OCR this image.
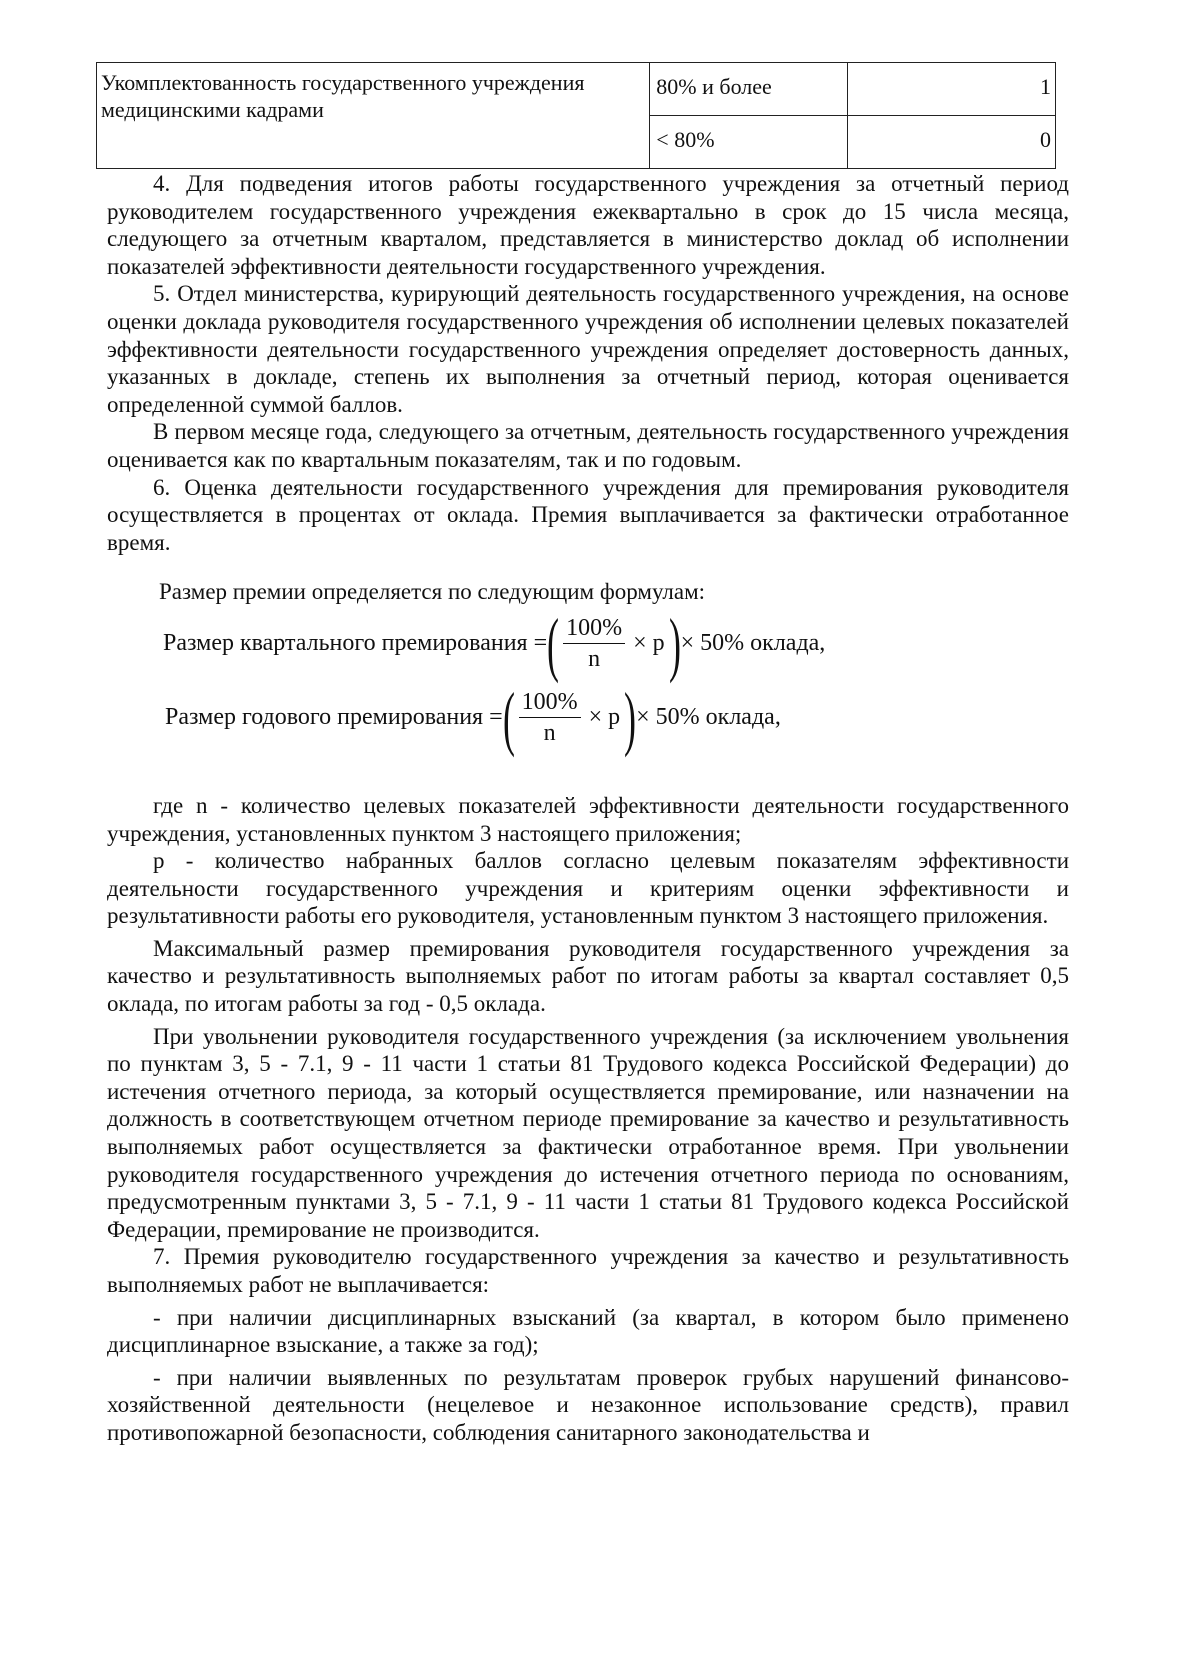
Укомплектованность государственного учреждения медицинскими кадрами	80% и более	1
	< 80%	0

4. Для подведения итогов работы государственного учреждения за отчетный период руководителем государственного учреждения ежеквартально в срок до 15 числа месяца, следующего за отчетным кварталом, представляется в министерство доклад об исполнении показателей эффективности деятельности государственного учреждения.

5. Отдел министерства, курирующий деятельность государственного учреждения, на основе оценки доклада руководителя государственного учреждения об исполнении целевых показателей эффективности деятельности государственного учреждения определяет достоверность данных, указанных в докладе, степень их выполнения за отчетный период, которая оценивается определенной суммой баллов.

В первом месяце года, следующего за отчетным, деятельность государственного учреждения оценивается как по квартальным показателям, так и по годовым.

6. Оценка деятельности государственного учреждения для премирования руководителя осуществляется в процентах от оклада. Премия выплачивается за фактически отработанное время.

Размер премии определяется по следующим формулам:

Размер квартального премирования = ( $\frac{100\%}{n} \times p$ ) × 50% оклада,
Размер годового премирования = ( $\frac{100\%}{n} \times p$ ) × 50% оклада,

где n - количество целевых показателей эффективности деятельности государственного учреждения, установленных пунктом 3 настоящего приложения;

p - количество набранных баллов согласно целевым показателям эффективности деятельности государственного учреждения и критериям оценки эффективности и результативности работы его руководителя, установленным пунктом 3 настоящего приложения.

Максимальный размер премирования руководителя государственного учреждения за качество и результативность выполняемых работ по итогам работы за квартал составляет 0,5 оклада, по итогам работы за год - 0,5 оклада.

При увольнении руководителя государственного учреждения (за исключением увольнения по пунктам 3, 5 - 7.1, 9 - 11 части 1 статьи 81 Трудового кодекса Российской Федерации) до истечения отчетного периода, за который осуществляется премирование, или назначении на должность в соответствующем отчетном периоде премирование за качество и результативность выполняемых работ осуществляется за фактически отработанное время. При увольнении руководителя государственного учреждения до истечения отчетного периода по основаниям, предусмотренным пунктами 3, 5 - 7.1, 9 - 11 части 1 статьи 81 Трудового кодекса Российской Федерации, премирование не производится.

7. Премия руководителю государственного учреждения за качество и результативность выполняемых работ не выплачивается:

- при наличии дисциплинарных взысканий (за квартал, в котором было применено дисциплинарное взыскание, а также за год);

- при наличии выявленных по результатам проверок грубых нарушений финансово-хозяйственной деятельности (нецелевое и незаконное использование средств), правил противопожарной безопасности, соблюдения санитарного законодательства и
